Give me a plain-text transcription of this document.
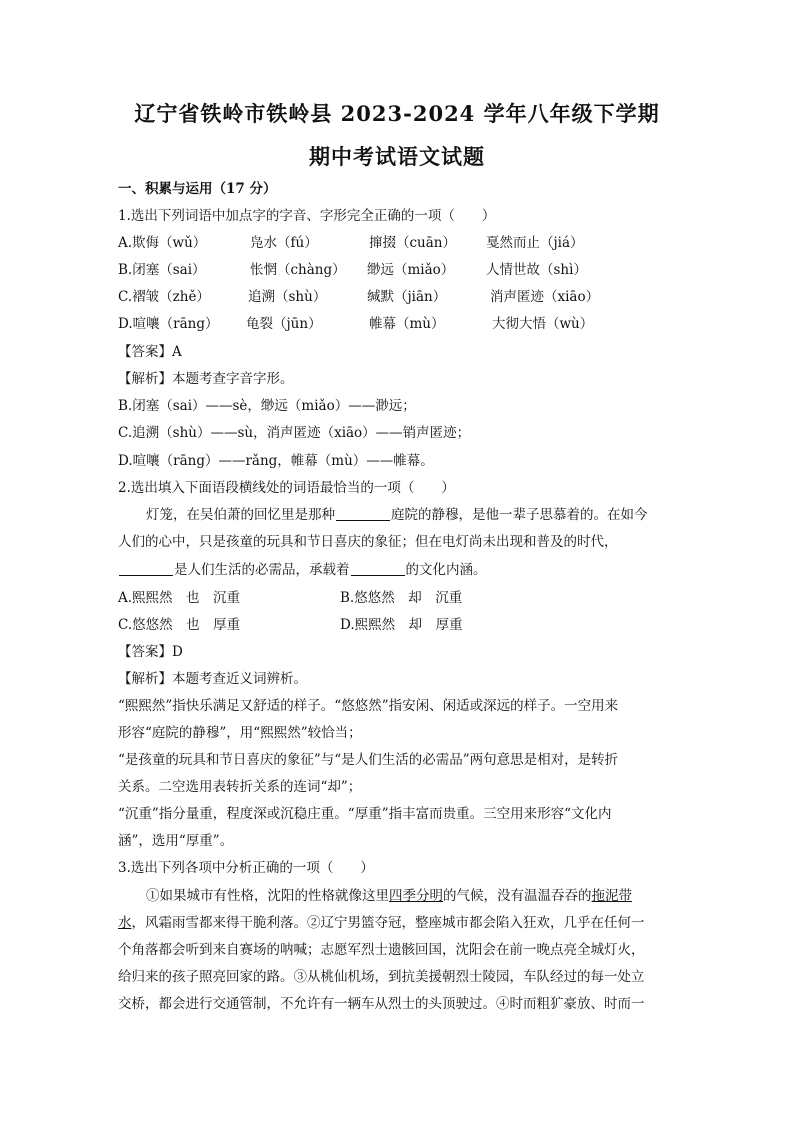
辽宁省铁岭市铁岭县 2023-2024 学年八年级下学期
期中考试语文试题
一、积累与运用（17 分）
1.选出下列词语中加点字的字音、字形完全正确的一项（　　）
A.欺侮（wǔ）	凫水（fú）	撺掇（cuān） 戛然而止（jiá）
B.闭塞（sai）	怅惘（chàng） 缈远（miǎo） 人情世故（shì）
C.褶皱（zhě）	追溯（shù）	缄默（jiān）	消声匿迹（xiāo）
D.喧嚷（rāng） 龟裂（jūn）	帷幕（mù）	大彻大悟（wù）
【答案】A
【解析】本题考查字音字形。
B.闭塞（sai）——sè，缈远（miǎo）——渺远；
C.追溯（shù）——sù，消声匿迹（xiāo）——销声匿迹；
D.喧嚷（rāng）——rǎng，帷幕（mù）——帷幕。
2.选出填入下面语段横线处的词语最恰当的一项（　　）
灯笼，在吴伯萧的回忆里是那种	庭院的静穆，是他一辈子思慕着的。在如今
人们的心中，只是孩童的玩具和节日喜庆的象征；但在电灯尚未出现和普及的时代，
是人们生活的必需品，承载着	的文化内涵。
A.熙熙然　也　沉重	B.悠悠然　却　沉重
C.悠悠然　也　厚重	D.熙熙然　却　厚重
【答案】D
【解析】本题考查近义词辨析。
“熙熙然”指快乐满足又舒适的样子。“悠悠然”指安闲、闲适或深远的样子。一空用来
形容“庭院的静穆”，用“熙熙然”较恰当；
“是孩童的玩具和节日喜庆的象征”与“是人们生活的必需品”两句意思是相对，是转折
关系。二空选用表转折关系的连词“却”；
“沉重”指分量重，程度深或沉稳庄重。“厚重”指丰富而贵重。三空用来形容“文化内
涵”，选用“厚重”。
3.选出下列各项中分析正确的一项（　　）
①如果城市有性格，沈阳的性格就像这里四季分明的气候，没有温温吞吞的拖泥带
水，风霜雨雪都来得干脆利落。②辽宁男篮夺冠，整座城市都会陷入狂欢，几乎在任何一
个角落都会听到来自赛场的呐喊；志愿军烈士遗骸回国，沈阳会在前一晚点亮全城灯火，
给归来的孩子照亮回家的路。③从桃仙机场，到抗美援朝烈士陵园，车队经过的每一处立
交桥，都会进行交通管制，不允许有一辆车从烈士的头顶驶过。④时而粗犷豪放、时而一
